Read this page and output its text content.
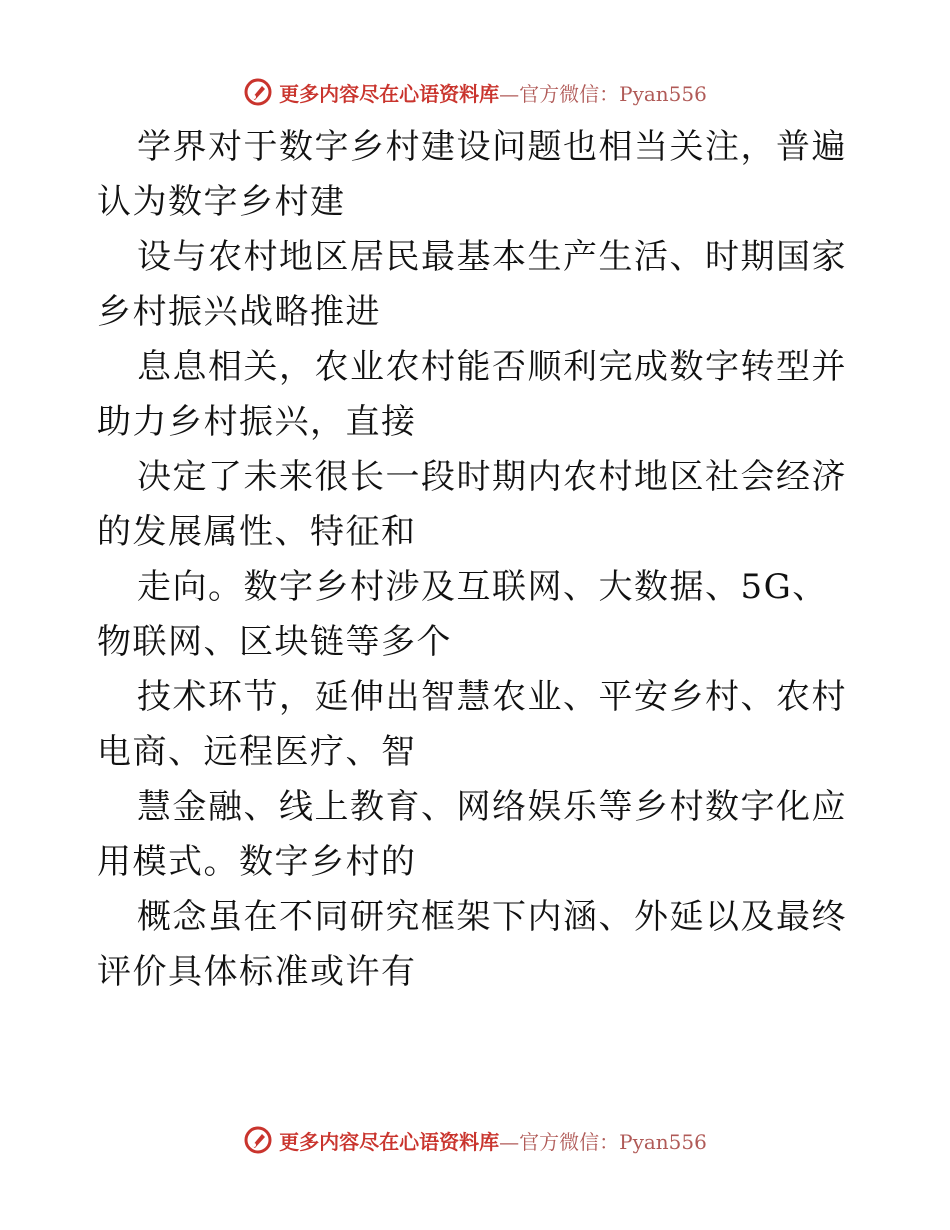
更多内容尽在心语资料库—官方微信：Pyan556

学界对于数字乡村建设问题也相当关注，普遍认为数字乡村建

设与农村地区居民最基本生产生活、时期国家乡村振兴战略推进

息息相关，农业农村能否顺利完成数字转型并助力乡村振兴，直接

决定了未来很长一段时期内农村地区社会经济的发展属性、特征和

走向。数字乡村涉及互联网、大数据、5G、物联网、区块链等多个

技术环节，延伸出智慧农业、平安乡村、农村电商、远程医疗、智

慧金融、线上教育、网络娱乐等乡村数字化应用模式。数字乡村的

概念虽在不同研究框架下内涵、外延以及最终评价具体标准或许有

更多内容尽在心语资料库—官方微信：Pyan556
